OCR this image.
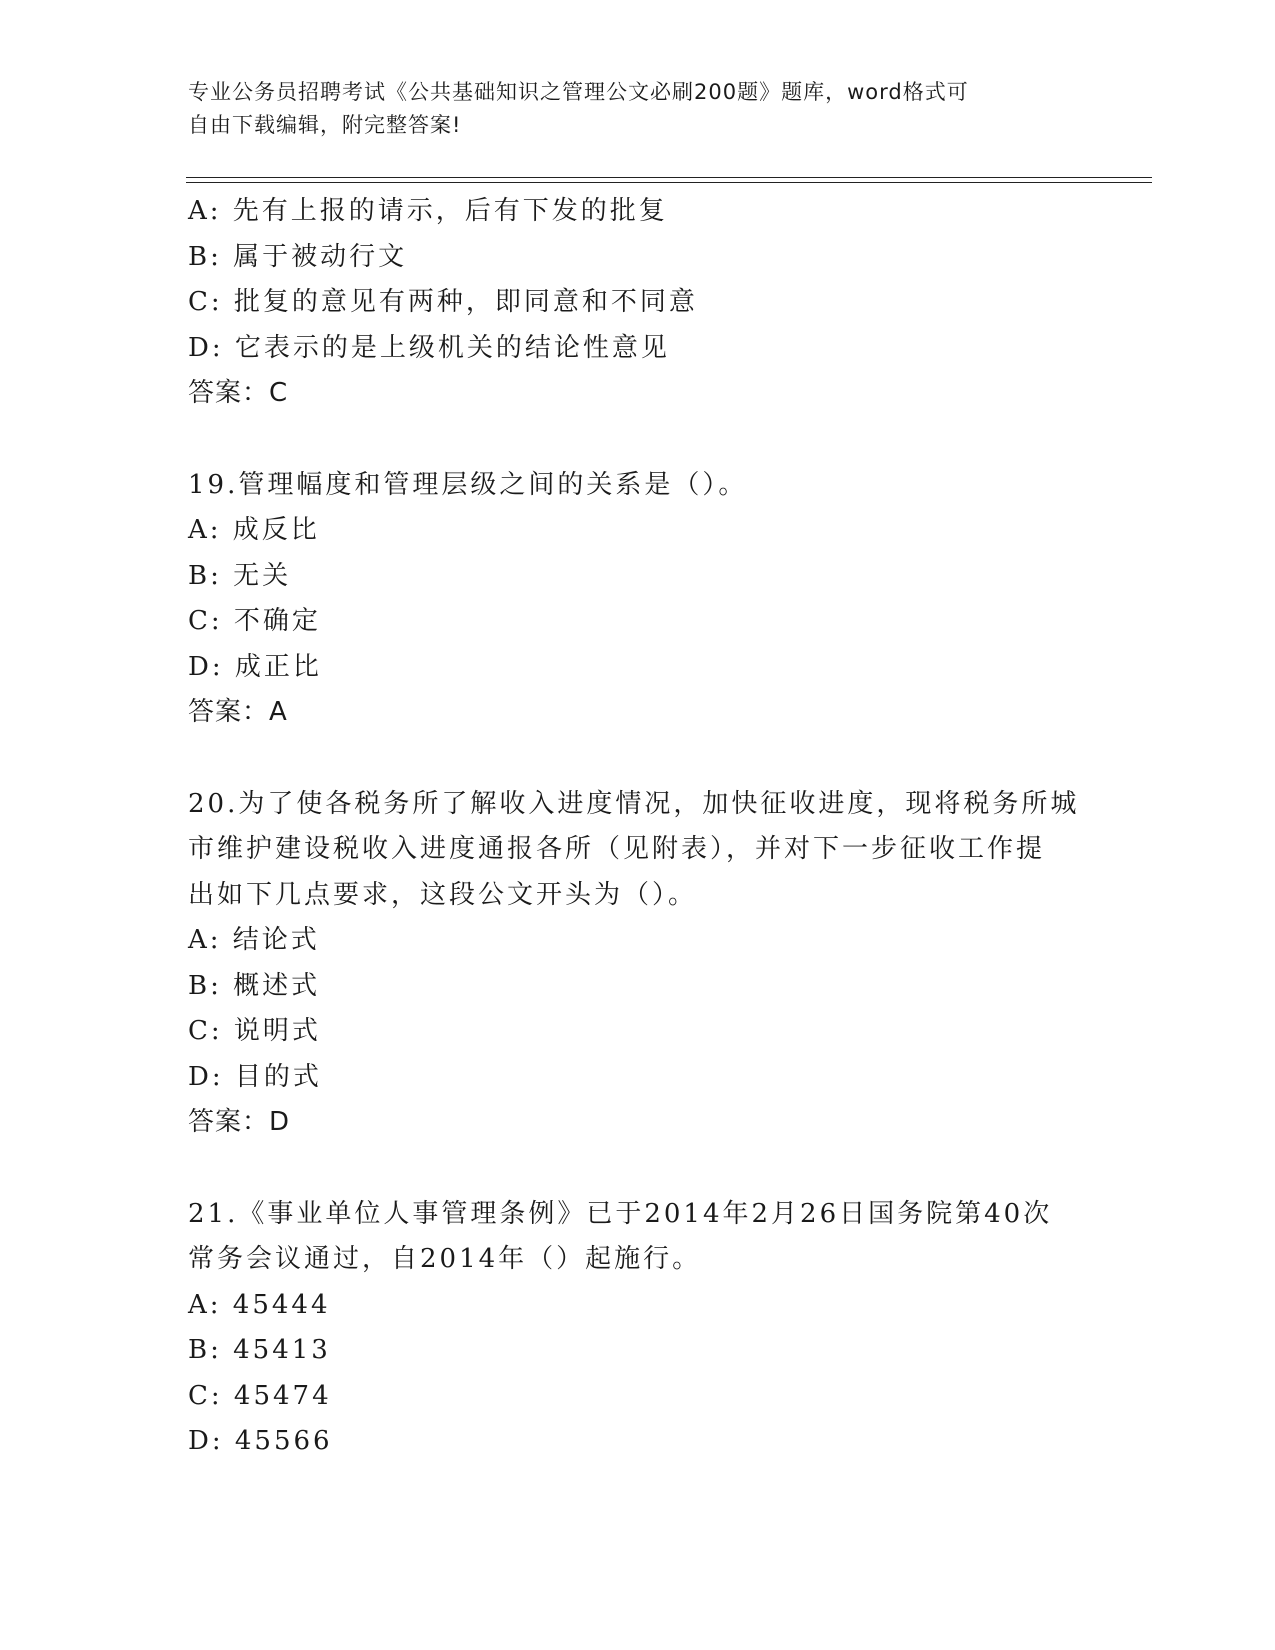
专业公务员招聘考试《公共基础知识之管理公文必刷200题》题库，word格式可
自由下载编辑，附完整答案!
A: 先有上报的请示，后有下发的批复
B: 属于被动行文
C: 批复的意见有两种，即同意和不同意
D: 它表示的是上级机关的结论性意见
答案：C
19.管理幅度和管理层级之间的关系是（）。
A: 成反比
B: 无关
C: 不确定
D: 成正比
答案：A
20.为了使各税务所了解收入进度情况，加快征收进度，现将税务所城
市维护建设税收入进度通报各所（见附表），并对下一步征收工作提
出如下几点要求，这段公文开头为（）。
A: 结论式
B: 概述式
C: 说明式
D: 目的式
答案：D
21.《事业单位人事管理条例》已于2014年2月26日国务院第40次
常务会议通过，自2014年（）起施行。
A: 45444
B: 45413
C: 45474
D: 45566
